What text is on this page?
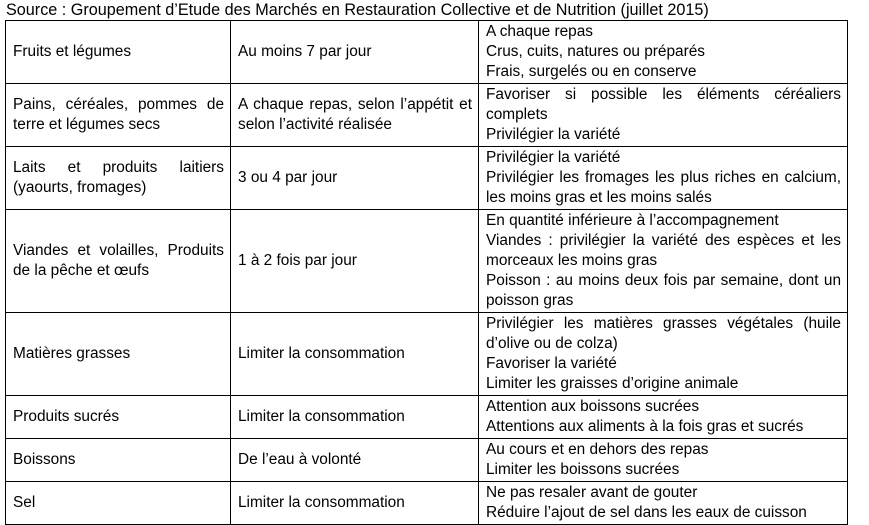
Source : Groupement d’Etude des Marchés en Restauration Collective et de Nutrition (juillet 2015)
Fruits et légumes	Au moins 7 par jour	A chaque repas
Crus, cuits, natures ou préparés
Frais, surgelés ou en conserve

Pains, céréales, pommes de terre et légumes secs	A chaque repas, selon l’appétit et selon l’activité réalisée	Favoriser si possible les éléments céréaliers complets
Privilégier la variété

Laits et produits laitiers (yaourts, fromages)	3 ou 4 par jour	Privilégier la variété
Privilégier les fromages les plus riches en calcium, les moins gras et les moins salés

Viandes et volailles, Produits de la pêche et œufs	1 à 2 fois par jour	En quantité inférieure à l’accompagnement
Viandes : privilégier la variété des espèces et les morceaux les moins gras
Poisson : au moins deux fois par semaine, dont un poisson gras

Matières grasses	Limiter la consommation	Privilégier les matières grasses végétales (huile d’olive ou de colza)
Favoriser la variété
Limiter les graisses d’origine animale

Produits sucrés	Limiter la consommation	Attention aux boissons sucrées
Attentions aux aliments à la fois gras et sucrés

Boissons	De l’eau à volonté	Au cours et en dehors des repas
Limiter les boissons sucrées

Sel	Limiter la consommation	Ne pas resaler avant de gouter
Réduire l’ajout de sel dans les eaux de cuisson
